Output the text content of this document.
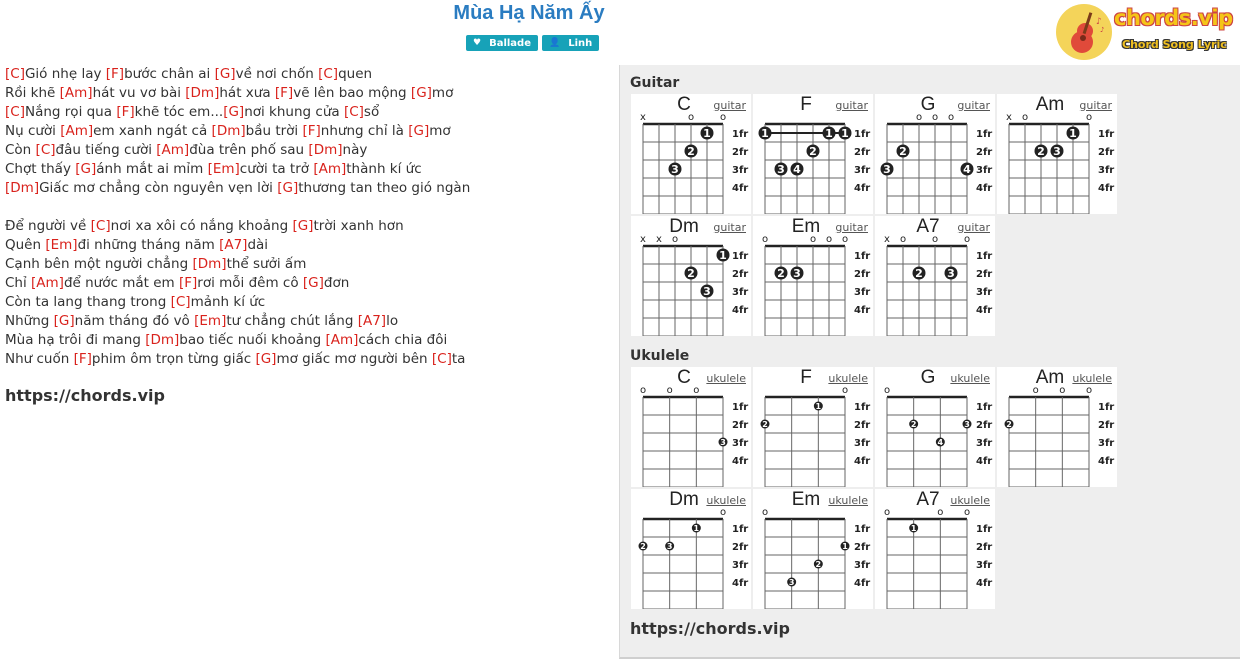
Mùa Hạ Năm Ấy
♥ Ballade 👤 Linh
♪
♪ chords.vip
Chord Song Lyric
[C]Gió nhẹ lay [F]bước chân ai [G]về nơi chốn [C]quen
Rồi khẽ [Am]hát vu vơ bài [Dm]hát xưa [F]vẽ lên bao mộng [G]mơ
[C]Nắng rọi qua [F]khẽ tóc em...[G]nơi khung cửa [C]sổ
Nụ cười [Am]em xanh ngát cả [Dm]bầu trời [F]nhưng chỉ là [G]mơ
Còn [C]đâu tiếng cười [Am]đùa trên phố sau [Dm]này
Chợt thấy [G]ánh mắt ai mỉm [Em]cười ta trở [Am]thành kí ức
[Dm]Giấc mơ chẳng còn nguyên vẹn lời [G]thương tan theo gió ngàn
Để người về [C]nơi xa xôi có nắng khoảng [G]trời xanh hơn
Quên [Em]đi những tháng năm [A7]dài
Cạnh bên một người chẳng [Dm]thể sưởi ấm
Chỉ [Am]để nước mắt em [F]rơi mỗi đêm cô [G]đơn
Còn ta lang thang trong [C]mảnh kí ức
Những [G]năm tháng đó vô [Em]tư chẳng chút lắng [A7]lo
Mùa hạ trôi đi mang [Dm]bao tiếc nuối khoảng [Am]cách chia đôi
Như cuốn [F]phim ôm trọn từng giấc [G]mơ giấc mơ người bên [C]ta
https://chords.vip
Guitar
x	o	o
1fr
2fr
3fr
4fr
1
2
3
C	guitar
1fr
2fr
3fr
4fr
1	1 1
2
3 4
F	guitar
o o o
1fr
2fr
3fr
4fr
2
3	4
G	guitar
x o	o
1fr
2fr
3fr
4fr
1
2 3
Am	guitar
x x o
1fr
2fr
3fr
4fr
1
2
3
Dm	guitar
o	o o o
1fr
2fr
3fr
4fr
2 3
Em	guitar
x o	o	o
1fr
2fr
3fr
4fr
2 3
A7	guitar
Ukulele
o o o
1fr
2fr
3fr
4fr
3
C	ukulele
o
1fr
2fr
3fr
4fr
1
2
F	ukulele
o
1fr
2fr
3fr
4fr
2	3
4
G	ukulele
o o o
1fr
2fr
3fr
4fr
2
Am ukulele
o
1fr
2fr
3fr
4fr
1
2	3
Dm ukulele
o
1fr
2fr
3fr
4fr
1
2
3
Em ukulele
o	o o
1fr
2fr
3fr
4fr
1
A7 ukulele
https://chords.vip
